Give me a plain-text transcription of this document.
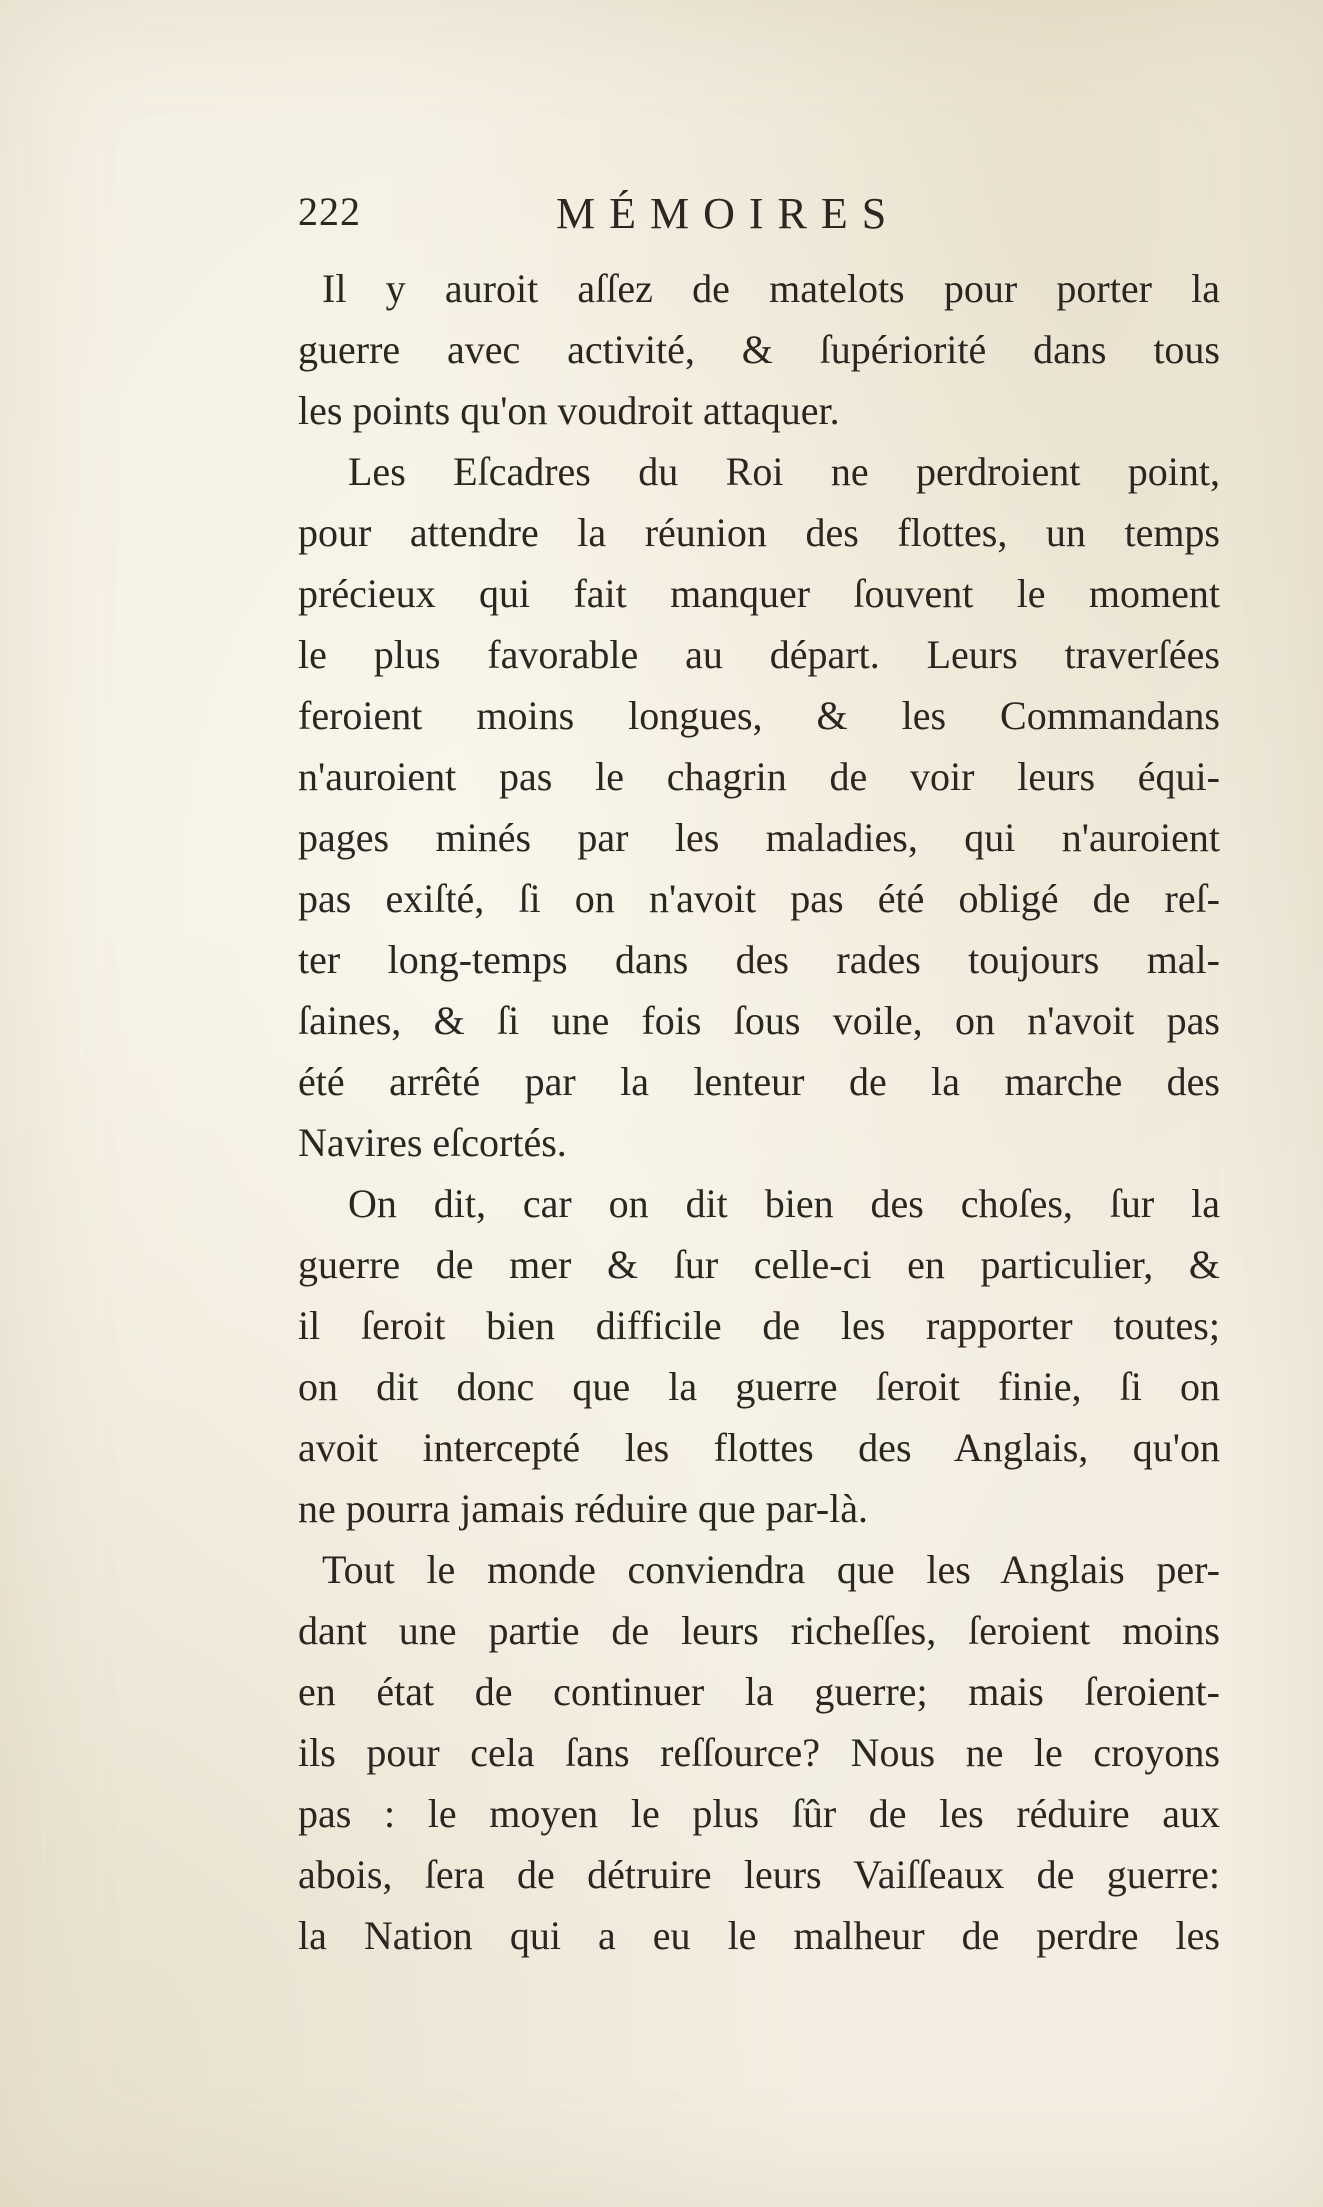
222	MÉMOIRES
Il y auroit aſſez de matelots pour porter la
guerre avec activité, & ſupériorité dans tous
les points qu'on voudroit attaquer.
Les Eſcadres du Roi ne perdroient point,
pour attendre la réunion des flottes, un temps
précieux qui fait manquer ſouvent le moment
le plus favorable au départ. Leurs traverſées
feroient moins longues, & les Commandans
n'auroient pas le chagrin de voir leurs équi-
pages minés par les maladies, qui n'auroient
pas exiſté, ſi on n'avoit pas été obligé de reſ-
ter long-temps dans des rades toujours mal-
ſaines, & ſi une fois ſous voile, on n'avoit pas
été arrêté par la lenteur de la marche des
Navires eſcortés.
On dit, car on dit bien des choſes, ſur la
guerre de mer & ſur celle-ci en particulier, &
il ſeroit bien difficile de les rapporter toutes;
on dit donc que la guerre ſeroit finie, ſi on
avoit intercepté les flottes des Anglais, qu'on
ne pourra jamais réduire que par-là.
Tout le monde conviendra que les Anglais per-
dant une partie de leurs richeſſes, ſeroient moins
en état de continuer la guerre; mais ſeroient-
ils pour cela ſans reſſource? Nous ne le croyons
pas : le moyen le plus ſûr de les réduire aux
abois, ſera de détruire leurs Vaiſſeaux de guerre:
la Nation qui a eu le malheur de perdre les
